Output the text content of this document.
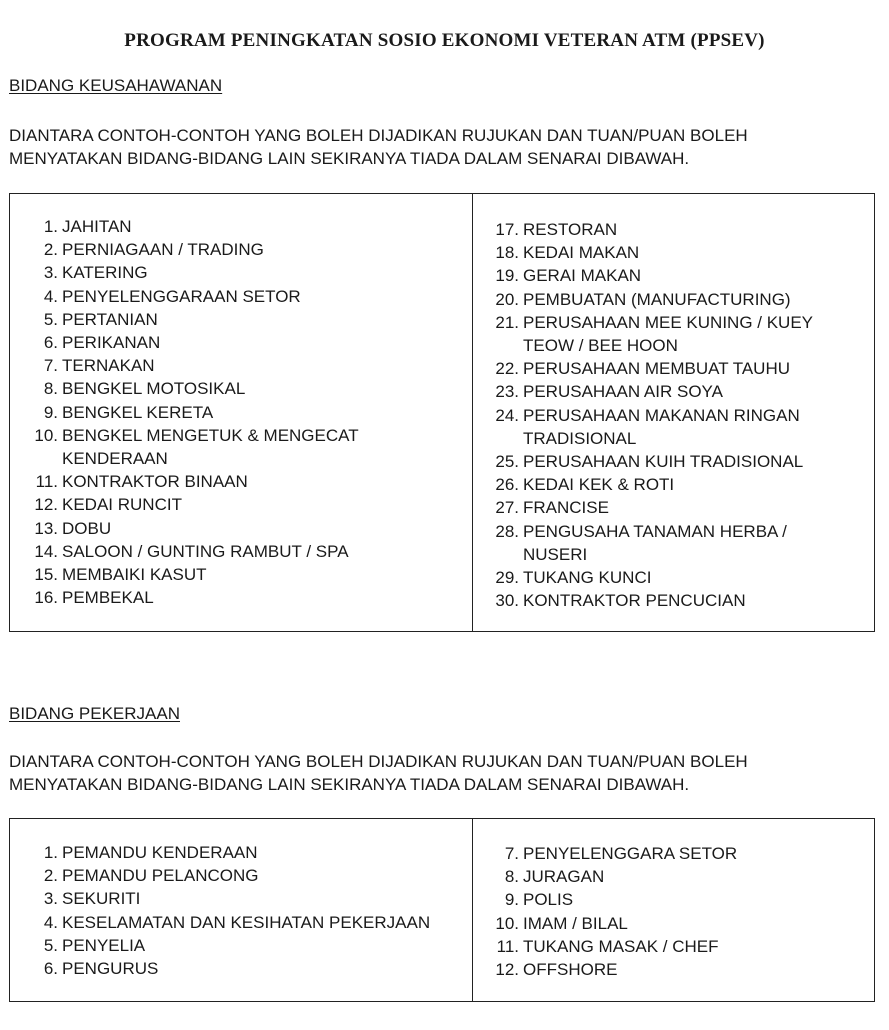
PROGRAM PENINGKATAN SOSIO EKONOMI VETERAN ATM (PPSEV)
BIDANG KEUSAHAWANAN
DIANTARA CONTOH-CONTOH YANG BOLEH DIJADIKAN RUJUKAN DAN TUAN/PUAN BOLEH
MENYATAKAN BIDANG-BIDANG LAIN SEKIRANYA TIADA DALAM SENARAI DIBAWAH.
1. JAHITAN
2. PERNIAGAAN / TRADING
3. KATERING
4. PENYELENGGARAAN SETOR
5. PERTANIAN
6. PERIKANAN
7. TERNAKAN
8. BENGKEL MOTOSIKAL
9. BENGKEL KERETA
10. BENGKEL MENGETUK & MENGECAT
KENDERAAN
11. KONTRAKTOR BINAAN
12. KEDAI RUNCIT
13. DOBU
14. SALOON / GUNTING RAMBUT / SPA
15. MEMBAIKI KASUT
16. PEMBEKAL
17. RESTORAN
18. KEDAI MAKAN
19. GERAI MAKAN
20. PEMBUATAN (MANUFACTURING)
21. PERUSAHAAN MEE KUNING / KUEY
TEOW / BEE HOON
22. PERUSAHAAN MEMBUAT TAUHU
23. PERUSAHAAN AIR SOYA
24. PERUSAHAAN MAKANAN RINGAN
TRADISIONAL
25. PERUSAHAAN KUIH TRADISIONAL
26. KEDAI KEK & ROTI
27. FRANCISE
28. PENGUSAHA TANAMAN HERBA /
NUSERI
29. TUKANG KUNCI
30. KONTRAKTOR PENCUCIAN
BIDANG PEKERJAAN
DIANTARA CONTOH-CONTOH YANG BOLEH DIJADIKAN RUJUKAN DAN TUAN/PUAN BOLEH
MENYATAKAN BIDANG-BIDANG LAIN SEKIRANYA TIADA DALAM SENARAI DIBAWAH.
1. PEMANDU KENDERAAN
2. PEMANDU PELANCONG
3. SEKURITI
4. KESELAMATAN DAN KESIHATAN PEKERJAAN
5. PENYELIA
6. PENGURUS
7. PENYELENGGARA SETOR
8. JURAGAN
9. POLIS
10. IMAM / BILAL
11. TUKANG MASAK / CHEF
12. OFFSHORE
